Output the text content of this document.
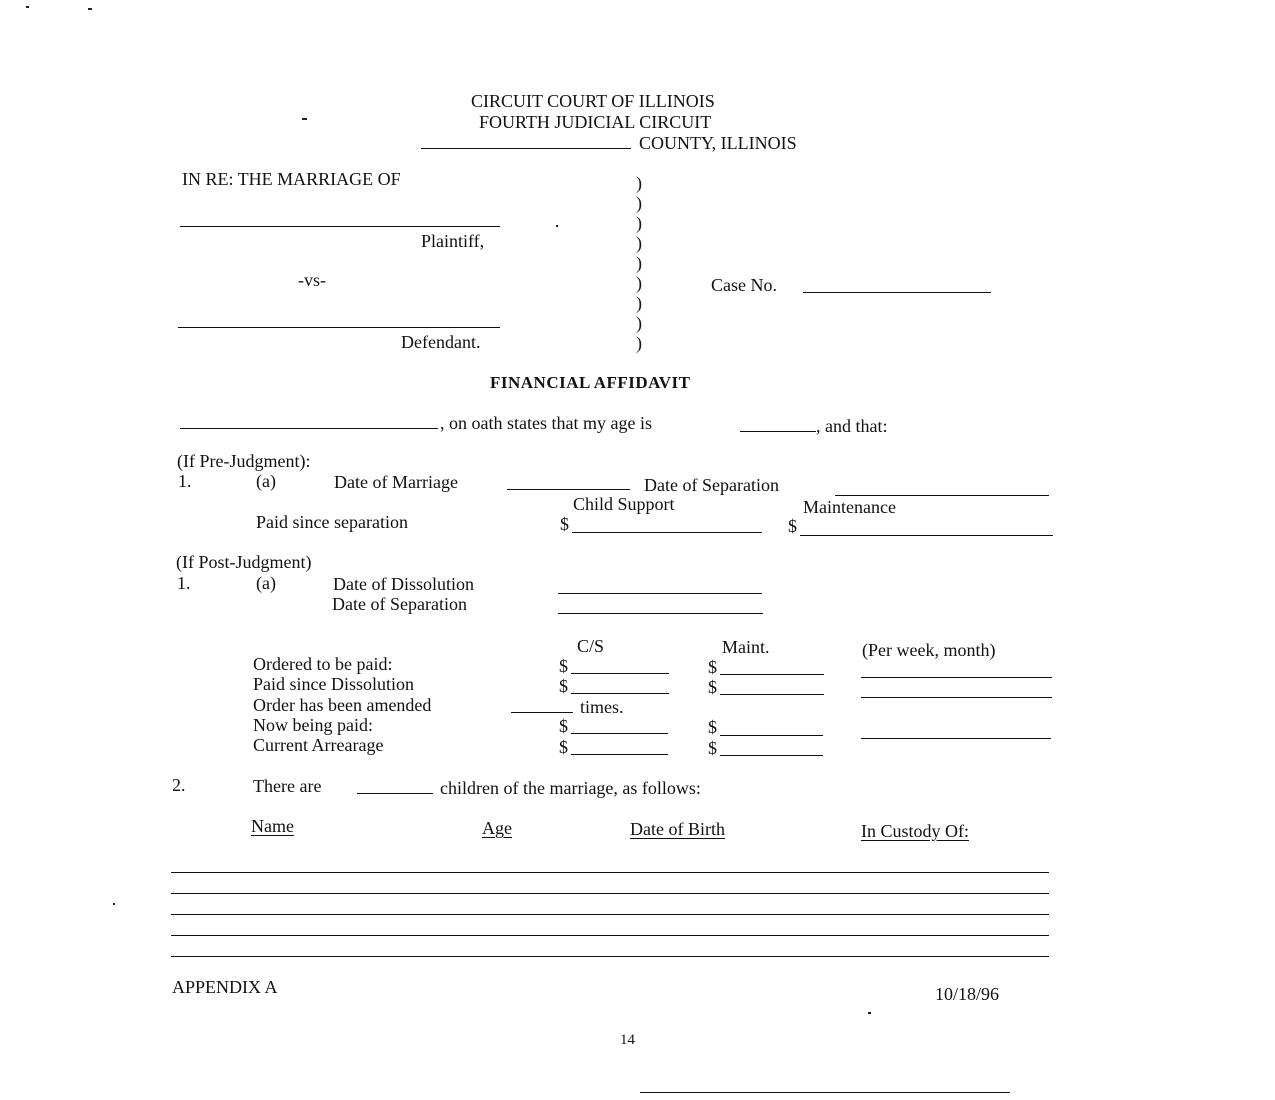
CIRCUIT COURT OF ILLINOIS
FOURTH JUDICIAL CIRCUIT
COUNTY, ILLINOIS
IN RE: THE MARRIAGE OF
Plaintiff,
-vs-
Defendant.
)
)
)
)
)
)
)
)
)
Case No.
FINANCIAL AFFIDAVIT
, on oath states that my age is	, and that:
(If Pre-Judgment):
1.	(a)	Date of Marriage	Date of Separation
Child Support	Maintenance
Paid since separation	$	$
(If Post-Judgment)
1.	(a)	Date of Dissolution
Date of Separation
C/S	Maint.	(Per week, month)
Ordered to be paid:	$	$
Paid since Dissolution	$	$
Order has been amended	times.
Now being paid:	$	$
Current Arrearage	$	$
2.	There are	children of the marriage, as follows:
Name	Age	Date of Birth	In Custody Of:
APPENDIX A	10/18/96
14
